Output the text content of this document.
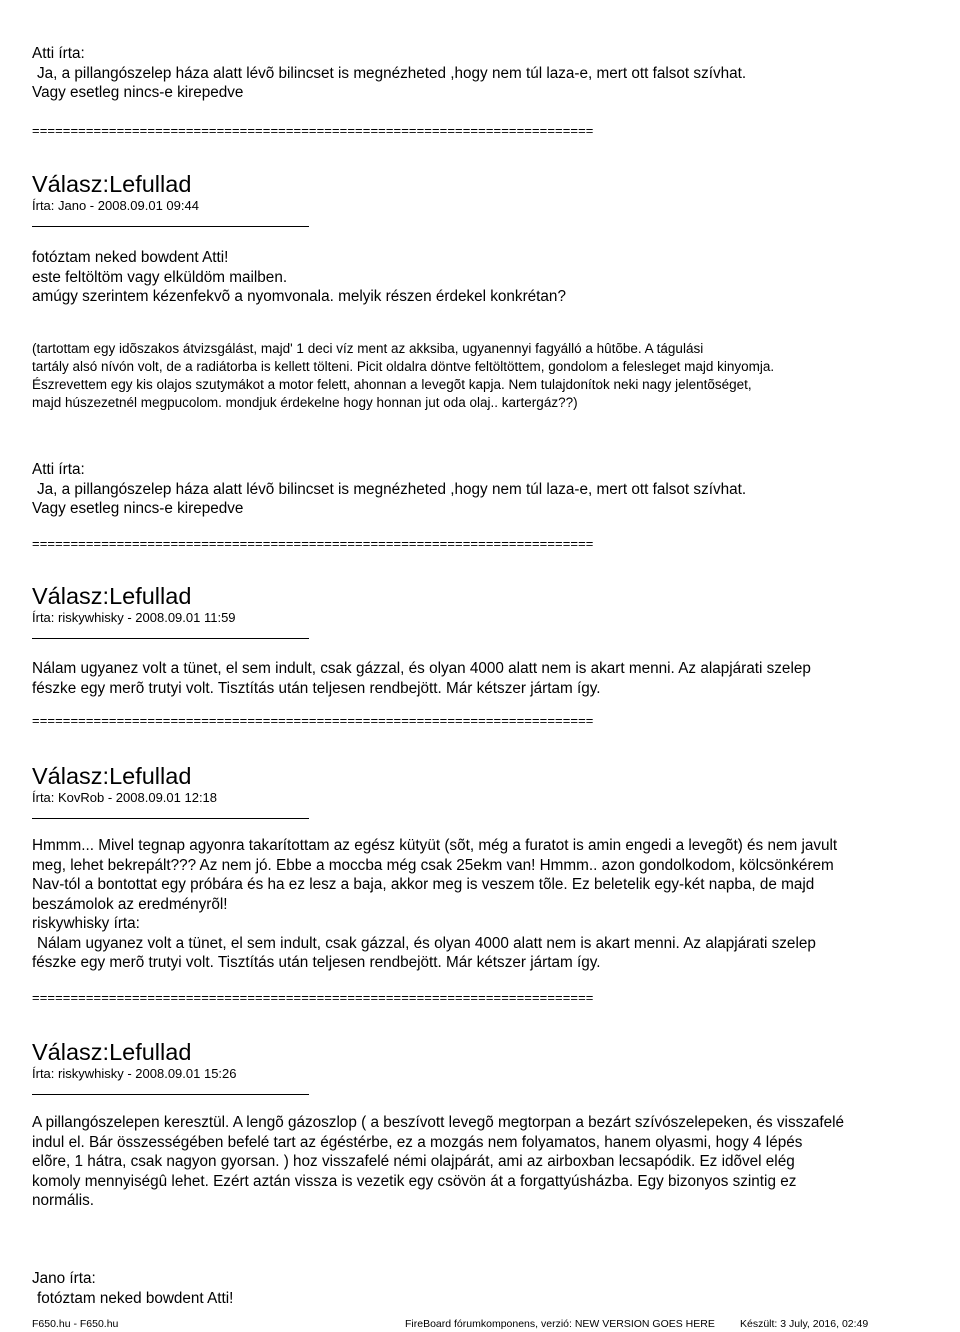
Atti írta:
Ja, a pillangószelep háza alatt lévõ bilincset is megnézheted ,hogy nem túl laza-e, mert ott falsot szívhat.
Vagy esetleg nincs-e kirepedve
=========================================================================
Válasz:Lefullad
Írta: Jano - 2008.09.01 09:44
fotóztam neked bowdent Atti!
este feltöltöm vagy elküldöm mailben.
amúgy szerintem kézenfekvõ a nyomvonala. melyik részen érdekel konkrétan?
(tartottam egy idõszakos átvizsgálást, majd' 1 deci víz ment az akksiba, ugyanennyi fagyálló a hûtõbe. A tágulási
tartály alsó nívón volt, de a radiátorba is kellett tölteni. Picit oldalra döntve feltöltöttem, gondolom a felesleget majd kinyomja.
Észrevettem egy kis olajos szutymákot a motor felett, ahonnan a levegõt kapja. Nem tulajdonítok neki nagy jelentõséget,
majd húszezetnél megpucolom. mondjuk érdekelne hogy honnan jut oda olaj.. kartergáz??)
Atti írta:
Ja, a pillangószelep háza alatt lévõ bilincset is megnézheted ,hogy nem túl laza-e, mert ott falsot szívhat.
Vagy esetleg nincs-e kirepedve
=========================================================================
Válasz:Lefullad
Írta: riskywhisky - 2008.09.01 11:59
Nálam ugyanez volt a tünet, el sem indult, csak gázzal, és olyan 4000 alatt nem is akart menni. Az alapjárati szelep
fészke egy merõ trutyi volt. Tisztítás után teljesen rendbejött. Már kétszer jártam így.
=========================================================================
Válasz:Lefullad
Írta: KovRob - 2008.09.01 12:18
Hmmm... Mivel tegnap agyonra takarítottam az egész kütyüt (sõt, még a furatot is amin engedi a levegõt) és nem javult
meg, lehet bekrepált??? Az nem jó. Ebbe a moccba még csak 25ekm van! Hmmm.. azon gondolkodom, kölcsönkérem
Nav-tól a bontottat egy próbára és ha ez lesz a baja, akkor meg is veszem tõle. Ez beletelik egy-két napba, de majd
beszámolok az eredményrõl!
riskywhisky írta:
Nálam ugyanez volt a tünet, el sem indult, csak gázzal, és olyan 4000 alatt nem is akart menni. Az alapjárati szelep
fészke egy merõ trutyi volt. Tisztítás után teljesen rendbejött. Már kétszer jártam így.
=========================================================================
Válasz:Lefullad
Írta: riskywhisky - 2008.09.01 15:26
A pillangószelepen keresztül. A lengõ gázoszlop ( a beszívott levegõ megtorpan a bezárt szívószelepeken, és visszafelé
indul el. Bár összességében befelé tart az égéstérbe, ez a mozgás nem folyamatos, hanem olyasmi, hogy 4 lépés
elõre, 1 hátra, csak nagyon gyorsan. ) hoz visszafelé némi olajpárát, ami az airboxban lecsapódik. Ez idõvel elég
komoly mennyiségû lehet. Ezért aztán vissza is vezetik egy csövön át a forgattyúsházba. Egy bizonyos szintig ez
normális.
Jano írta:
fotóztam neked bowdent Atti!
F650.hu - F650.hu	FireBoard fórumkomponens, verzió: NEW VERSION GOES HERE Készült: 3 July, 2016, 02:49
